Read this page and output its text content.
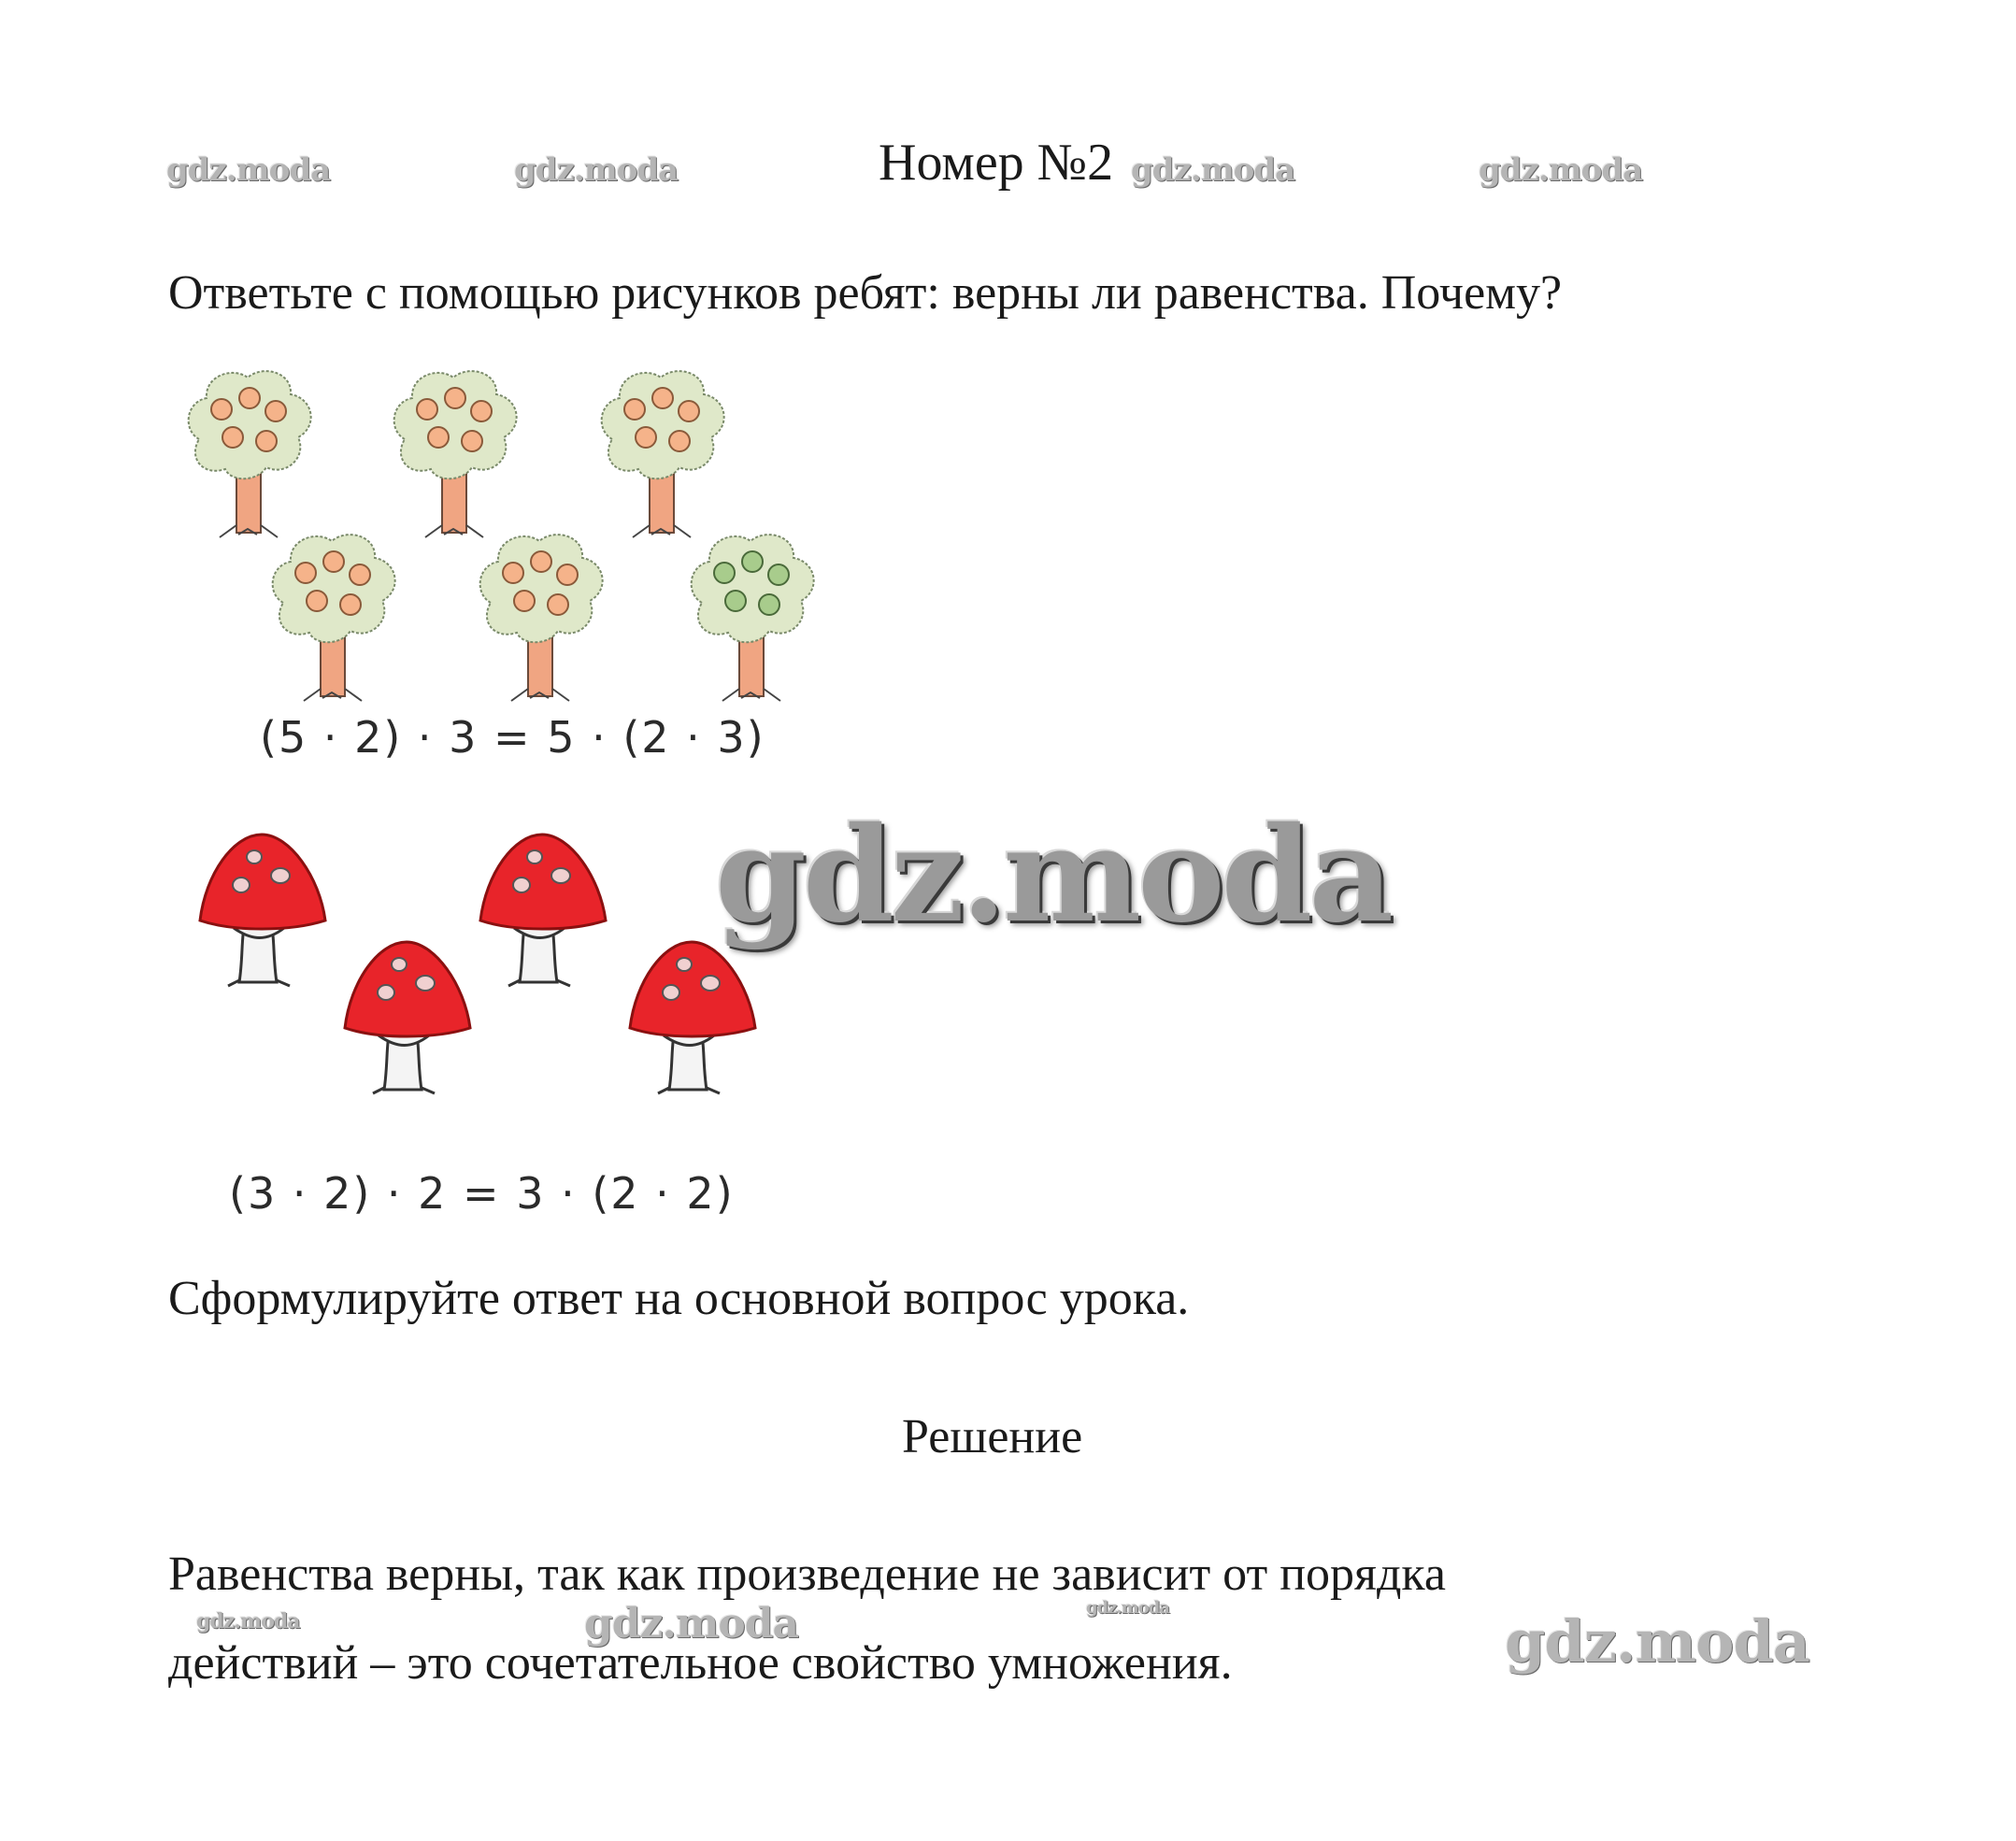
gdz.moda	gdz.moda	gdz.moda	gdz.moda
Номер №2
Ответьте с помощью рисунков ребят: верны ли равенства. Почему?
(5 · 2) · 3 = 5 · (2 · 3)
(3 · 2) · 2 = 3 · (2 · 2)
gdz.moda
Сформулируйте ответ на основной вопрос урока.
Решение
Равенства верны, так как произведение не зависит от порядка
действий – это сочетательное свойство умножения.
gdz.moda	gdz.moda	gdz.moda	gdz.moda
